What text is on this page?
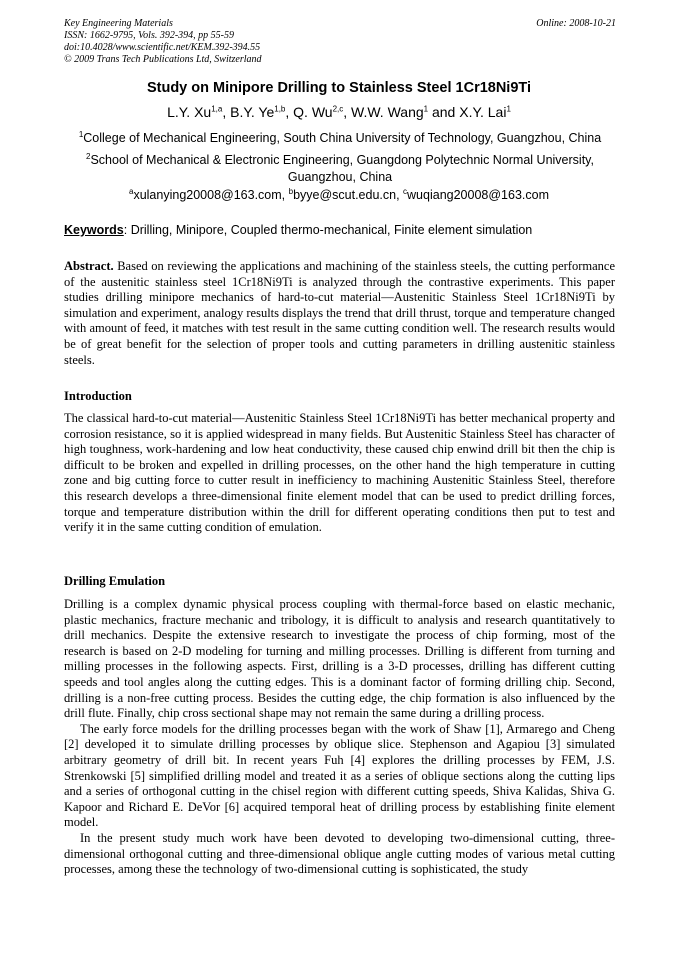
Key Engineering Materials
ISSN: 1662-9795, Vols. 392-394, pp 55-59
doi:10.4028/www.scientific.net/KEM.392-394.55
© 2009 Trans Tech Publications Ltd, Switzerland
Online: 2008-10-21
Study on Minipore Drilling to Stainless Steel 1Cr18Ni9Ti
L.Y. Xu$^{1,a}$, B.Y. Ye$^{1,b}$, Q. Wu$^{2,c}$, W.W. Wang$^1$ and X.Y. Lai$^1$
$^1$College of Mechanical Engineering, South China University of Technology, Guangzhou, China
$^2$School of Mechanical & Electronic Engineering, Guangdong Polytechnic Normal University, Guangzhou, China
$^a$xulanying20008@163.com, $^b$byye@scut.edu.cn, $^c$wuqiang20008@163.com
Keywords: Drilling, Minipore, Coupled thermo-mechanical, Finite element simulation
Abstract. Based on reviewing the applications and machining of the stainless steels, the cutting performance of the austenitic stainless steel 1Cr18Ni9Ti is analyzed through the contrastive experiments. This paper studies drilling minipore mechanics of hard-to-cut material—Austenitic Stainless Steel 1Cr18Ni9Ti by simulation and experiment, analogy results displays the trend that drill thrust, torque and temperature changed with amount of feed, it matches with test result in the same cutting condition well. The research results would be of great benefit for the selection of proper tools and cutting parameters in drilling austenitic stainless steels.
Introduction
The classical hard-to-cut material—Austenitic Stainless Steel 1Cr18Ni9Ti has better mechanical property and corrosion resistance, so it is applied widespread in many fields. But Austenitic Stainless Steel has character of high toughness, work-hardening and low heat conductivity, these caused chip enwind drill bit then the chip is difficult to be broken and expelled in drilling processes, on the other hand the high temperature in cutting zone and big cutting force to cutter result in inefficiency to machining Austenitic Stainless Steel, therefore this research develops a three-dimensional finite element model that can be used to predict drilling forces, torque and temperature distribution within the drill for different operating conditions then put to test and verify it in the same cutting condition of emulation.
Drilling Emulation

Drilling is a complex dynamic physical process coupling with thermal-force based on elastic mechanic, plastic mechanics, fracture mechanic and tribology, it is difficult to analysis and research quantitatively to drill mechanics. Despite the extensive research to investigate the process of chip forming, most of the research is based on 2-D modeling for turning and milling processes. Drilling is different from turning and milling processes in the following aspects. First, drilling is a 3-D processes, drilling has different cutting speeds and tool angles along the cutting edges. This is a dominant factor of forming drilling chip. Second, drilling is a non-free cutting process. Besides the cutting edge, the chip formation is also influenced by the drill flute. Finally, chip cross sectional shape may not remain the same during a drilling process.

The early force models for the drilling processes began with the work of Shaw [1], Armarego and Cheng [2] developed it to simulate drilling processes by oblique slice. Stephenson and Agapiou [3] simulated arbitrary geometry of drill bit. In recent years Fuh [4] explores the drilling processes by FEM, J.S. Strenkowski [5] simplified drilling model and treated it as a series of oblique sections along the cutting lips and a series of orthogonal cutting in the chisel region with different cutting speeds, Shiva Kalidas, Shiva G. Kapoor and Richard E. DeVor [6] acquired temporal heat of drilling process by establishing finite element model.

In the present study much work have been devoted to developing two-dimensional cutting, three-dimensional orthogonal cutting and three-dimensional oblique angle cutting modes of various metal cutting processes, among these the technology of two-dimensional cutting is sophisticated, the study
